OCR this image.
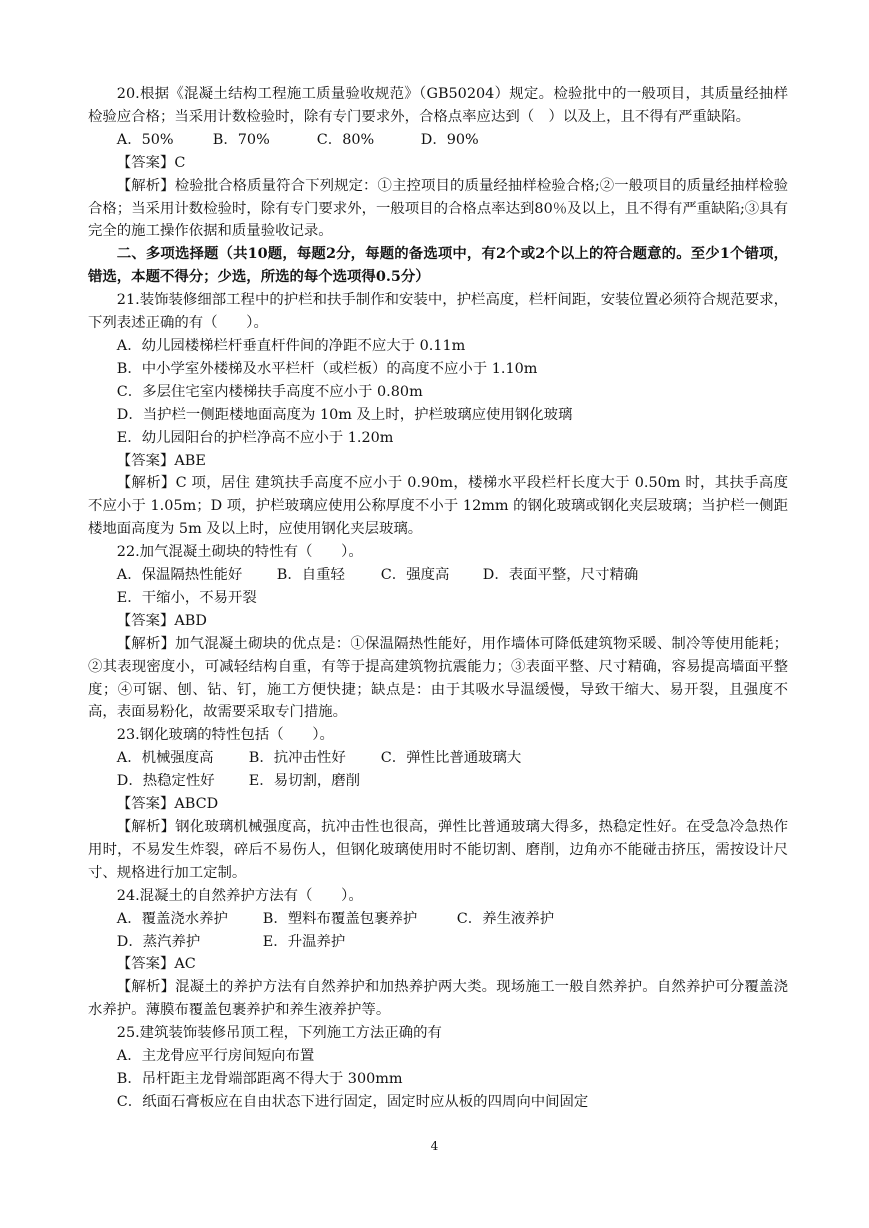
20.根据《混凝土结构工程施工质量验收规范》（GB50204）规定。检验批中的一般项目，其质量经抽样检验应合格；当采用计数检验时，除有专门要求外，合格点率应达到（　）以及上，且不得有严重缺陷。

A．50%	B．70%	C．80%	D．90%

【答案】C

【解析】检验批合格质量符合下列规定：①主控项目的质量经抽样检验合格;②一般项目的质量经抽样检验合格；当采用计数检验时，除有专门要求外，一般项目的合格点率达到80％及以上，且不得有严重缺陷;③具有完全的施工操作依据和质量验收记录。

二、多项选择题（共10题，每题2分，每题的备选项中，有2个或2个以上的符合题意的。至少1个错项，错选，本题不得分；少选，所选的每个选项得0.5分）

21.装饰装修细部工程中的护栏和扶手制作和安装中，护栏高度，栏杆间距，安装位置必须符合规范要求，下列表述正确的有（　　）。

A．幼儿园楼梯栏杆垂直杆件间的净距不应大于 0.11m

B．中小学室外楼梯及水平栏杆（或栏板）的高度不应小于 1.10m

C．多层住宅室内楼梯扶手高度不应小于 0.80m

D．当护栏一侧距楼地面高度为 10m 及上时，护栏玻璃应使用钢化玻璃

E．幼儿园阳台的护栏净高不应小于 1.20m

【答案】ABE

【解析】C 项，居住 建筑扶手高度不应小于 0.90m，楼梯水平段栏杆长度大于 0.50m 时，其扶手高度不应小于 1.05m；D 项，护栏玻璃应使用公称厚度不小于 12mm 的钢化玻璃或钢化夹层玻璃；当护栏一侧距楼地面高度为 5m 及以上时，应使用钢化夹层玻璃。

22.加气混凝土砌块的特性有（　　）。

A．保温隔热性能好 B．自重轻 C．强度高 D．表面平整，尺寸精确

E．干缩小，不易开裂

【答案】ABD

【解析】加气混凝土砌块的优点是：①保温隔热性能好，用作墙体可降低建筑物采暖、制冷等使用能耗；②其表现密度小，可减轻结构自重，有等于提高建筑物抗震能力；③表面平整、尺寸精确，容易提高墙面平整度；④可锯、刨、钻、钉，施工方便快捷；缺点是：由于其吸水导温缓慢，导致干缩大、易开裂，且强度不高，表面易粉化，故需要采取专门措施。

23.钢化玻璃的特性包括（　　）。

A．机械强度高 B．抗冲击性好 C．弹性比普通玻璃大

D．热稳定性好 E．易切割，磨削

【答案】ABCD

【解析】钢化玻璃机械强度高，抗冲击性也很高，弹性比普通玻璃大得多，热稳定性好。在受急冷急热作用时，不易发生炸裂，碎后不易伤人，但钢化玻璃使用时不能切割、磨削，边角亦不能碰击挤压，需按设计尺寸、规格进行加工定制。

24.混凝土的自然养护方法有（　　）。

A．覆盖浇水养护 B．塑料布覆盖包裹养护	C．养生液养护

D．蒸汽养护	E．升温养护

【答案】AC

【解析】混凝土的养护方法有自然养护和加热养护两大类。现场施工一般自然养护。自然养护可分覆盖浇水养护。薄膜布覆盖包裹养护和养生液养护等。

25.建筑装饰装修吊顶工程，下列施工方法正确的有

A．主龙骨应平行房间短向布置

B．吊杆距主龙骨端部距离不得大于 300mm

C．纸面石膏板应在自由状态下进行固定，固定时应从板的四周向中间固定

4
